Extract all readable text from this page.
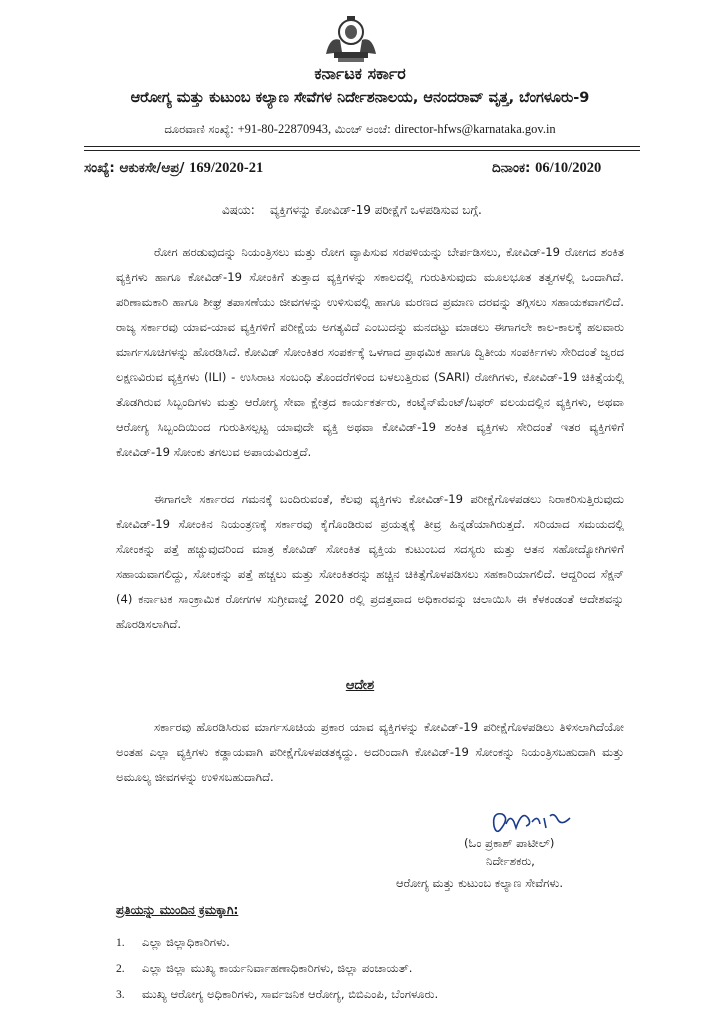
ಕರ್ನಾಟಕ ಸರ್ಕಾರ
ಆರೋಗ್ಯ ಮತ್ತು ಕುಟುಂಬ ಕಲ್ಯಾಣ ಸೇವೆಗಳ ನಿರ್ದೇಶನಾಲಯ, ಆನಂದರಾವ್ ವೃತ್ತ, ಬೆಂಗಳೂರು-9
ದೂರವಾಣಿ ಸಂಖ್ಯೆ: +91-80-22870943, ಮಿಂಚ್ ಅಂಚೆ: director-hfws@karnataka.gov.in
ಸಂಖ್ಯೆ: ಆಕುಕಸೇ/ಆಪ್ರ/ 169/2020-21	ದಿನಾಂಕ: 06/10/2020
ವಿಷಯ:    ವ್ಯಕ್ತಿಗಳನ್ನು ಕೋವಿಡ್-19 ಪರೀಕ್ಷೆಗೆ ಒಳಪಡಿಸುವ ಬಗ್ಗೆ.
ರೋಗ ಹರಡುವುದನ್ನು ನಿಯಂತ್ರಿಸಲು ಮತ್ತು ರೋಗ ವ್ಯಾಪಿಸುವ ಸರಪಳಿಯನ್ನು ಬೇರ್ಪಡಿಸಲು, ಕೋವಿಡ್-19 ರೋಗದ ಶಂಕಿತ ವ್ಯಕ್ತಿಗಳು ಹಾಗೂ ಕೋವಿಡ್-19 ಸೋಂಕಿಗೆ ತುತ್ತಾದ ವ್ಯಕ್ತಿಗಳನ್ನು ಸಕಾಲದಲ್ಲಿ ಗುರುತಿಸುವುದು ಮೂಲಭೂತ ತತ್ವಗಳಲ್ಲಿ ಒಂದಾಗಿದೆ. ಪರಿಣಾಮಕಾರಿ ಹಾಗೂ ಶೀಘ್ರ ತಪಾಸಣೆಯು ಜೀವಗಳನ್ನು ಉಳಿಸುವಲ್ಲಿ ಹಾಗೂ ಮರಣದ ಪ್ರಮಾಣ ದರವನ್ನು ತಗ್ಗಿಸಲು ಸಹಾಯಕವಾಗಲಿದೆ. ರಾಜ್ಯ ಸರ್ಕಾರವು ಯಾವ-ಯಾವ ವ್ಯಕ್ತಿಗಳಿಗೆ ಪರೀಕ್ಷೆಯ ಅಗತ್ಯವಿದೆ ಎಂಬುದನ್ನು ಮನದಟ್ಟು ಮಾಡಲು ಈಗಾಗಲೇ ಕಾಲ-ಕಾಲಕ್ಕೆ ಹಲವಾರು ಮಾರ್ಗಸೂಚಿಗಳನ್ನು ಹೊರಡಿಸಿದೆ. ಕೋವಿಡ್ ಸೋಂಕಿತರ ಸಂಪರ್ಕಕ್ಕೆ ಒಳಗಾದ ಪ್ರಾಥಮಿಕ ಹಾಗೂ ದ್ವಿತೀಯ ಸಂಪರ್ಕಿಗಳು ಸೇರಿದಂತೆ ಜ್ವರದ ಲಕ್ಷಣವಿರುವ ವ್ಯಕ್ತಿಗಳು (ILI) - ಉಸಿರಾಟ ಸಂಬಂಧಿ ತೊಂದರೆಗಳಿಂದ ಬಳಲುತ್ತಿರುವ (SARI) ರೋಗಿಗಳು, ಕೋವಿಡ್-19 ಚಿಕಿತ್ಸೆಯಲ್ಲಿ ತೊಡಗಿರುವ ಸಿಬ್ಬಂದಿಗಳು ಮತ್ತು ಆರೋಗ್ಯ ಸೇವಾ ಕ್ಷೇತ್ರದ ಕಾರ್ಯಕರ್ತರು, ಕಂಟೈನ್‌ಮೆಂಟ್/ಬಫರ್ ವಲಯದಲ್ಲಿನ ವ್ಯಕ್ತಿಗಳು, ಅಥವಾ ಆರೋಗ್ಯ ಸಿಬ್ಬಂದಿಯಿಂದ ಗುರುತಿಸಲ್ಪಟ್ಟ ಯಾವುದೇ ವ್ಯಕ್ತಿ ಅಥವಾ ಕೋವಿಡ್-19 ಶಂಕಿತ ವ್ಯಕ್ತಿಗಳು ಸೇರಿದಂತೆ ಇತರ ವ್ಯಕ್ತಿಗಳಿಗೆ ಕೋವಿಡ್-19 ಸೋಂಕು ತಗಲುವ ಅಪಾಯವಿರುತ್ತದೆ.
ಈಗಾಗಲೇ ಸರ್ಕಾರದ ಗಮನಕ್ಕೆ ಬಂದಿರುವಂತೆ, ಕೆಲವು ವ್ಯಕ್ತಿಗಳು ಕೋವಿಡ್-19 ಪರೀಕ್ಷೆಗೊಳಪಡಲು ನಿರಾಕರಿಸುತ್ತಿರುವುದು ಕೋವಿಡ್-19 ಸೋಂಕಿನ ನಿಯಂತ್ರಣಕ್ಕೆ ಸರ್ಕಾರವು ಕೈಗೊಂಡಿರುವ ಪ್ರಯತ್ನಕ್ಕೆ ತೀವ್ರ ಹಿನ್ನಡೆಯಾಗಿರುತ್ತದೆ. ಸರಿಯಾದ ಸಮಯದಲ್ಲಿ ಸೋಂಕನ್ನು ಪತ್ತೆ ಹಚ್ಚುವುದರಿಂದ ಮಾತ್ರ ಕೋವಿಡ್ ಸೋಂಕಿತ ವ್ಯಕ್ತಿಯ ಕುಟುಂಬದ ಸದಸ್ಯರು ಮತ್ತು ಆತನ ಸಹೋದ್ಯೋಗಿಗಳಿಗೆ ಸಹಾಯವಾಗಲಿದ್ದು, ಸೋಂಕನ್ನು ಪತ್ತೆ ಹಚ್ಚಲು ಮತ್ತು ಸೋಂಕಿತರನ್ನು ಹಚ್ಚಿನ ಚಿಕಿತ್ಸೆಗೊಳಪಡಿಸಲು ಸಹಕಾರಿಯಾಗಲಿದೆ. ಆದ್ದರಿಂದ ಸೆಕ್ಷನ್ (4) ಕರ್ನಾಟಕ ಸಾಂಕ್ರಾಮಿಕ ರೋಗಗಳ ಸುಗ್ರೀವಾಜ್ಞೆ 2020 ರಲ್ಲಿ ಪ್ರದತ್ತವಾದ ಅಧಿಕಾರವನ್ನು ಚಲಾಯಿಸಿ ಈ ಕೆಳಕಂಡಂತೆ ಆದೇಶವನ್ನು ಹೊರಡಿಸಲಾಗಿದೆ.
ಆದೇಶ
ಸರ್ಕಾರವು ಹೊರಡಿಸಿರುವ ಮಾರ್ಗಸೂಚಿಯ ಪ್ರಕಾರ ಯಾವ ವ್ಯಕ್ತಿಗಳನ್ನು ಕೋವಿಡ್-19 ಪರೀಕ್ಷೆಗೊಳಪಡಿಲು ತಿಳಿಸಲಾಗಿದೆಯೋ ಅಂತಹ ಎಲ್ಲಾ ವ್ಯಕ್ತಿಗಳು ಕಡ್ಡಾಯವಾಗಿ ಪರೀಕ್ಷೆಗೊಳಪಡತಕ್ಕದ್ದು. ಅದರಿಂದಾಗಿ ಕೋವಿಡ್-19 ಸೋಂಕನ್ನು ನಿಯಂತ್ರಿಸಬಹುದಾಗಿ ಮತ್ತು ಅಮೂಲ್ಯ ಜೀವಗಳನ್ನು ಉಳಿಸಬಹುದಾಗಿದೆ.
OnPatil
(ಓಂ ಪ್ರಕಾಶ್ ಪಾಟೀಲ್)
ನಿರ್ದೇಶಕರು,
ಆರೋಗ್ಯ ಮತ್ತು ಕುಟುಂಬ ಕಲ್ಯಾಣ ಸೇವೆಗಳು.
ಪ್ರತಿಯನ್ನು ಮುಂದಿನ ಕ್ರಮಕ್ಕಾಗಿ:
1. ಎಲ್ಲಾ ಜಿಲ್ಲಾಧಿಕಾರಿಗಳು.
2. ಎಲ್ಲಾ ಜಿಲ್ಲಾ ಮುಖ್ಯ ಕಾರ್ಯನಿರ್ವಾಹಣಾಧಿಕಾರಿಗಳು, ಜಿಲ್ಲಾ ಪಂಚಾಯತ್.
3. ಮುಖ್ಯ ಆರೋಗ್ಯ ಅಧಿಕಾರಿಗಳು, ಸಾರ್ವಜನಿಕ ಆರೋಗ್ಯ, ಬಿಬಿಎಂಪಿ, ಬೆಂಗಳೂರು.
